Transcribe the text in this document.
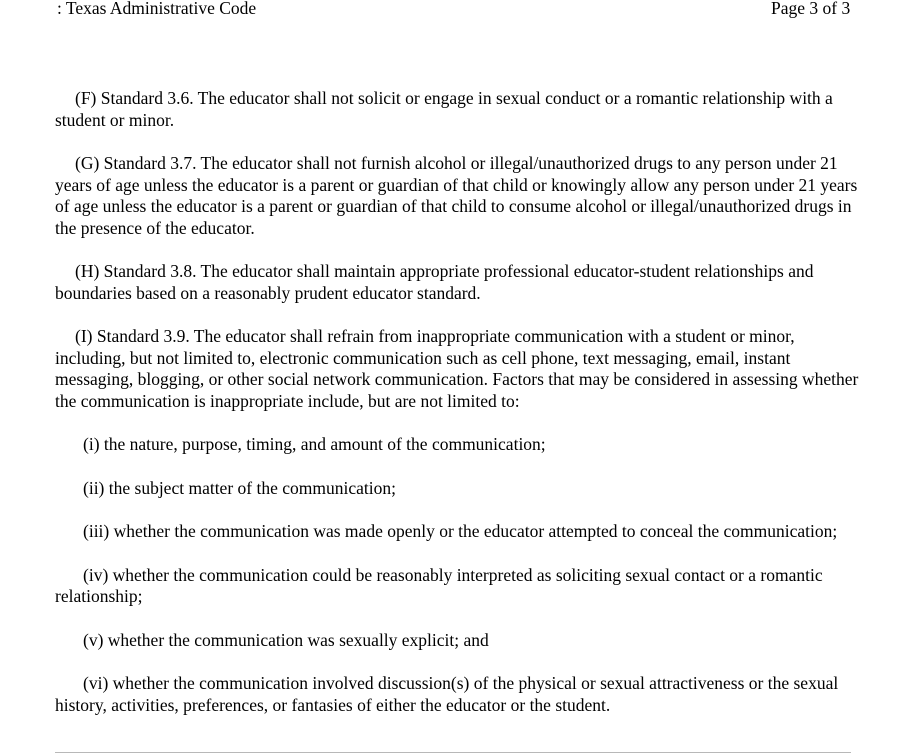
: Texas Administrative Code	Page 3 of 3

(F) Standard 3.6. The educator shall not solicit or engage in sexual conduct or a romantic relationship with a student or minor.

(G) Standard 3.7. The educator shall not furnish alcohol or illegal/unauthorized drugs to any person under 21 years of age unless the educator is a parent or guardian of that child or knowingly allow any person under 21 years of age unless the educator is a parent or guardian of that child to consume alcohol or illegal/unauthorized drugs in the presence of the educator.

(H) Standard 3.8. The educator shall maintain appropriate professional educator-student relationships and boundaries based on a reasonably prudent educator standard.

(I) Standard 3.9. The educator shall refrain from inappropriate communication with a student or minor, including, but not limited to, electronic communication such as cell phone, text messaging, email, instant messaging, blogging, or other social network communication. Factors that may be considered in assessing whether the communication is inappropriate include, but are not limited to:

(i) the nature, purpose, timing, and amount of the communication;

(ii) the subject matter of the communication;

(iii) whether the communication was made openly or the educator attempted to conceal the communication;

(iv) whether the communication could be reasonably interpreted as soliciting sexual contact or a romantic relationship;

(v) whether the communication was sexually explicit; and

(vi) whether the communication involved discussion(s) of the physical or sexual attractiveness or the sexual history, activities, preferences, or fantasies of either the educator or the student.
